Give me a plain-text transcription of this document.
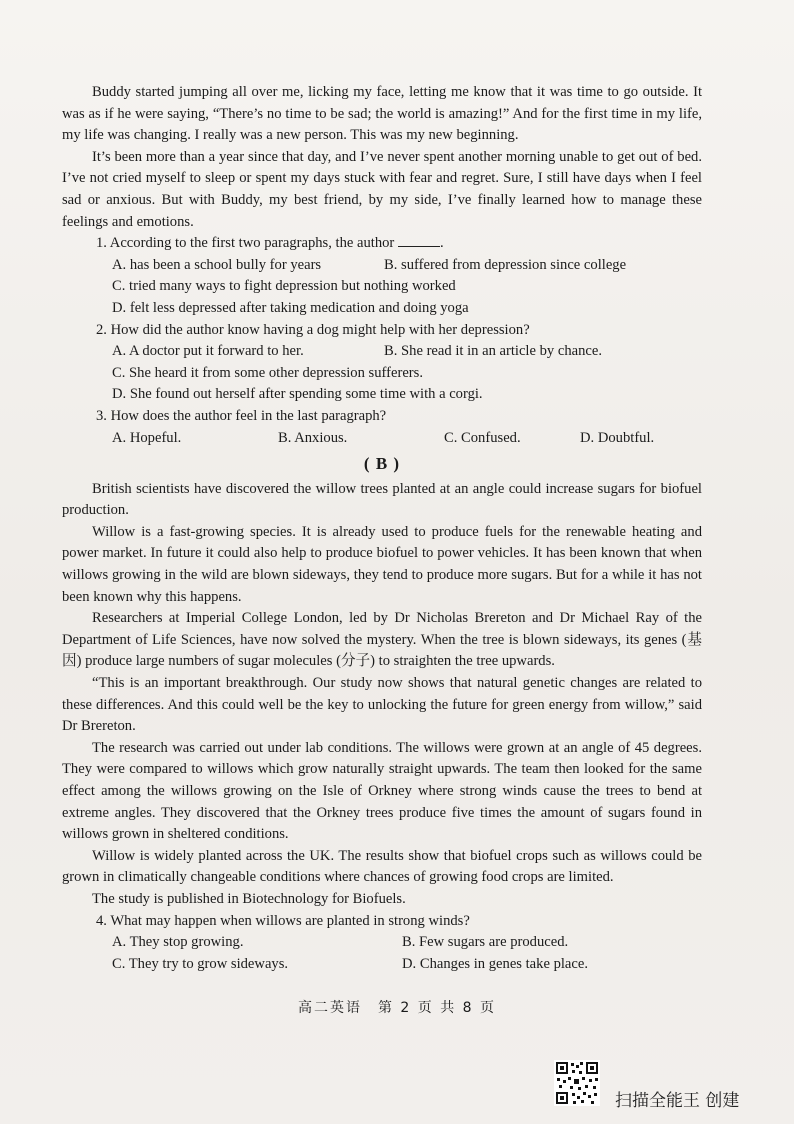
Buddy started jumping all over me, licking my face, letting me know that it was time to go outside. It was as if he were saying, “There’s no time to be sad; the world is amazing!” And for the first time in my life, my life was changing. I really was a new person. This was my new beginning.

It’s been more than a year since that day, and I’ve never spent another morning unable to get out of bed. I’ve not cried myself to sleep or spent my days stuck with fear and regret. Sure, I still have days when I feel sad or anxious. But with Buddy, my best friend, by my side, I’ve finally learned how to manage these feelings and emotions.

1. According to the first two paragraphs, the author	.
A. has been a school bully for years	B. suffered from depression since college
C. tried many ways to fight depression but nothing worked
D. felt less depressed after taking medication and doing yoga
2. How did the author know having a dog might help with her depression?
A. A doctor put it forward to her.	B. She read it in an article by chance.
C. She heard it from some other depression sufferers.
D. She found out herself after spending some time with a corgi.
3. How does the author feel in the last paragraph?
A. Hopeful.	B. Anxious.	C. Confused.	D. Doubtful.
( B )

British scientists have discovered the willow trees planted at an angle could increase sugars for biofuel production.

Willow is a fast-growing species. It is already used to produce fuels for the renewable heating and power market. In future it could also help to produce biofuel to power vehicles. It has been known that when willows growing in the wild are blown sideways, they tend to produce more sugars. But for a while it has not been known why this happens.

Researchers at Imperial College London, led by Dr Nicholas Brereton and Dr Michael Ray of the Department of Life Sciences, have now solved the mystery. When the tree is blown sideways, its genes (基因) produce large numbers of sugar molecules (分子) to straighten the tree upwards.

“This is an important breakthrough. Our study now shows that natural genetic changes are related to these differences. And this could well be the key to unlocking the future for green energy from willow,” said Dr Brereton.

The research was carried out under lab conditions. The willows were grown at an angle of 45 degrees. They were compared to willows which grow naturally straight upwards. The team then looked for the same effect among the willows growing on the Isle of Orkney where strong winds cause the trees to bend at extreme angles. They discovered that the Orkney trees produce five times the amount of sugars found in willows grown in sheltered conditions.

Willow is widely planted across the UK. The results show that biofuel crops such as willows could be grown in climatically changeable conditions where chances of growing food crops are limited.

The study is published in Biotechnology for Biofuels.

4. What may happen when willows are planted in strong winds?
A. They stop growing.	B. Few sugars are produced.
C. They try to grow sideways.	D. Changes in genes take place.
高二英语　第 2 页 共 8 页
扫描全能王 创建
